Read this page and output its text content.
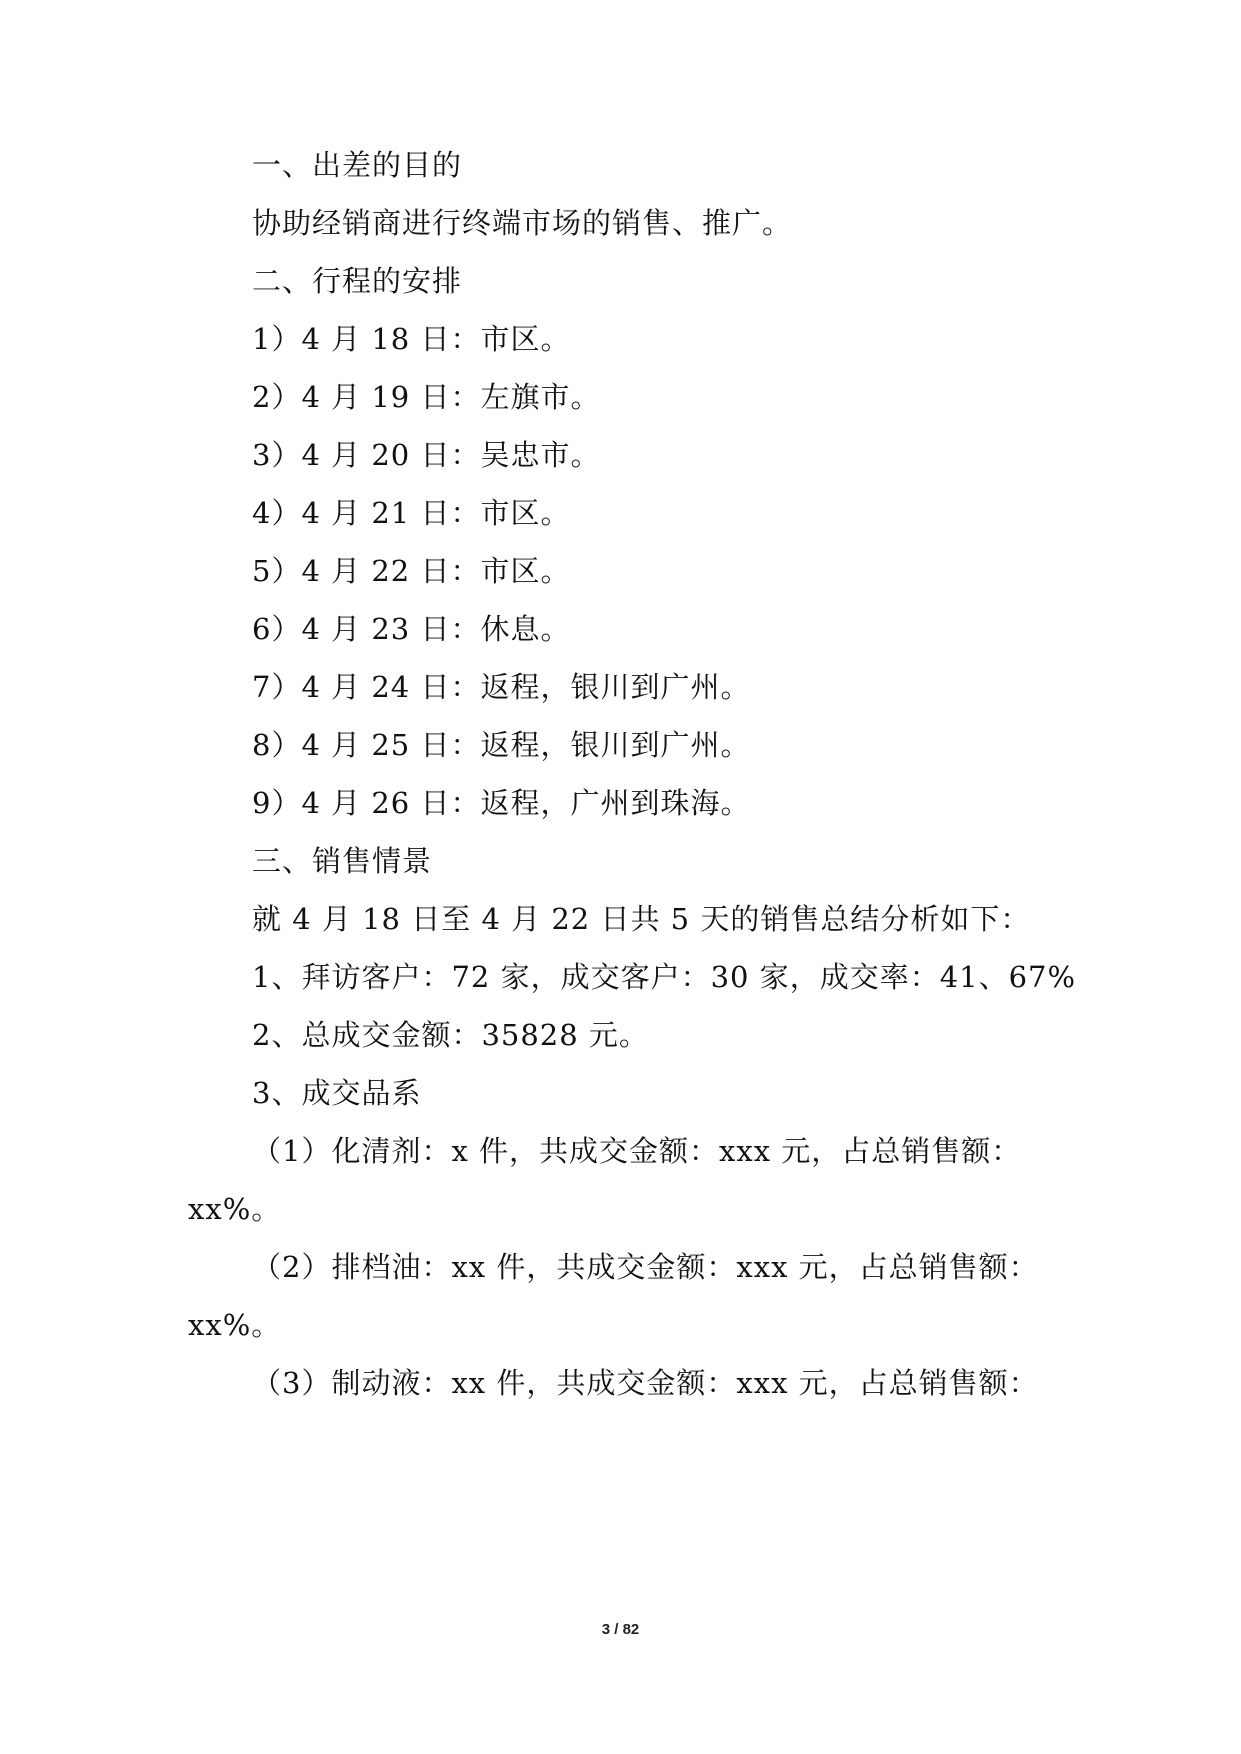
一、出差的目的
协助经销商进行终端市场的销售、推广。
二、行程的安排
1）4 月 18 日：市区。
2）4 月 19 日：左旗市。
3）4 月 20 日：吴忠市。
4）4 月 21 日：市区。
5）4 月 22 日：市区。
6）4 月 23 日：休息。
7）4 月 24 日：返程，银川到广州。
8）4 月 25 日：返程，银川到广州。
9）4 月 26 日：返程，广州到珠海。
三、销售情景
就 4 月 18 日至 4 月 22 日共 5 天的销售总结分析如下：
1、拜访客户：72 家，成交客户：30 家，成交率：41、67%
2、总成交金额：35828 元。
3、成交品系
（1）化清剂：x 件，共成交金额：xxx 元，占总销售额：
xx%。
（2）排档油：xx 件，共成交金额：xxx 元，占总销售额：
xx%。
（3）制动液：xx 件，共成交金额：xxx 元，占总销售额：
3 / 82
